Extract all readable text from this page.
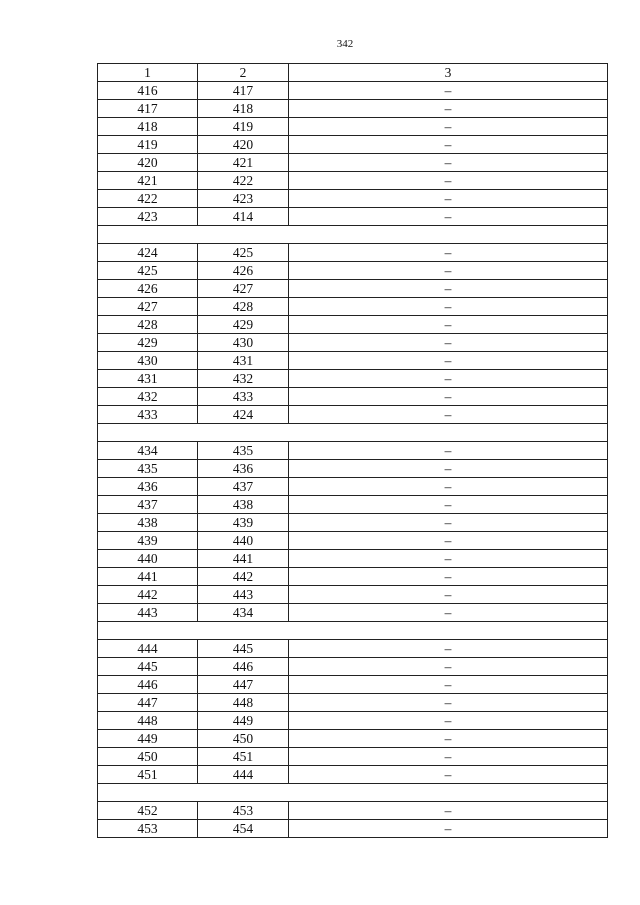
342
1	2	3
416	417	–
417	418	–
418	419	–
419	420	–
420	421	–
421	422	–
422	423	–
423	414	–

424	425	–
425	426	–
426	427	–
427	428	–
428	429	–
429	430	–
430	431	–
431	432	–
432	433	–
433	424	–

434	435	–
435	436	–
436	437	–
437	438	–
438	439	–
439	440	–
440	441	–
441	442	–
442	443	–
443	434	–

444	445	–
445	446	–
446	447	–
447	448	–
448	449	–
449	450	–
450	451	–
451	444	–

452	453	–
453	454	–
